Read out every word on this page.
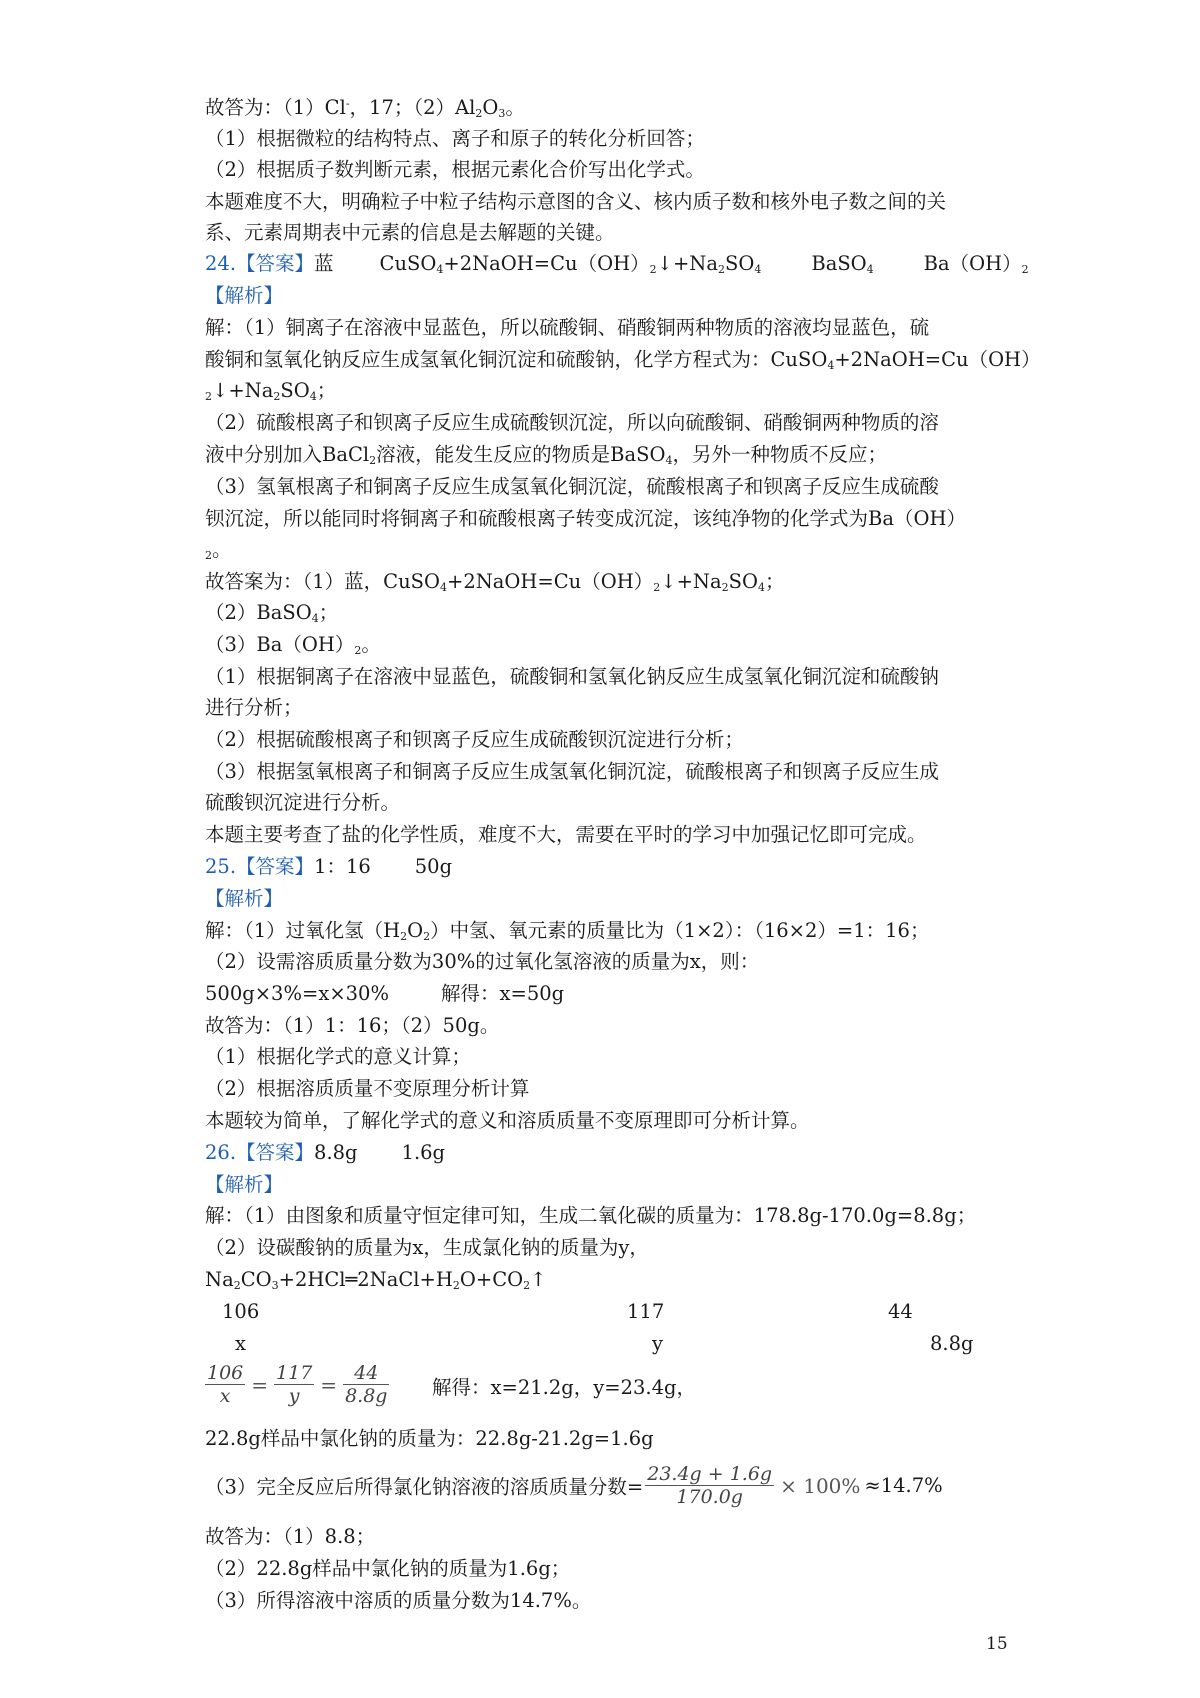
故答为：（1）Cl-，17；$(2)Al_2O_3$。
（1）根据微粒的结构特点、离子和原子的转化分析回答；
（2）根据质子数判断元素，根据元素化合价写出化学式。
本题难度不大，明确粒子中粒子结构示意图的含义、核内质子数和核外电子数之间的关
系、元素周期表中元素的信息是去解题的关键。
24.【答案】蓝 $CuSO_4+2NaOH=Cu(OH)_2↓+Na_2SO_4$	BaSO$_4$	$Ba(OH)_2$
【解析】
解：（1）铜离子在溶液中显蓝色，所以硫酸铜、硝酸铜两种物质的溶液均显蓝色，硫
酸铜和氢氧化钠反应生成氢氧化铜沉淀和硫酸钠，化学方程式为：CuSO$_4$+2NaOH=Cu（OH）
$_2↓+Na_2SO_4$；
（2）硫酸根离子和钡离子反应生成硫酸钡沉淀，所以向硫酸铜、硝酸铜两种物质的溶
液中分别加入BaCl$_2$溶液，能发生反应的物质是BaSO$_4$，另外一种物质不反应；
（3）氢氧根离子和铜离子反应生成氢氧化铜沉淀，硫酸根离子和钡离子反应生成硫酸
钡沉淀，所以能同时将铜离子和硫酸根离子转变成沉淀，该纯净物的化学式为Ba（OH）
$_2$。
故答案为：（1）蓝，$CuSO_4+2NaOH=Cu(OH)_2↓+Na_2SO_4$；
（2）BaSO$_4$；
$(3)Ba(OH)_2$。
（1）根据铜离子在溶液中显蓝色，硫酸铜和氢氧化钠反应生成氢氧化铜沉淀和硫酸钠
进行分析；
（2）根据硫酸根离子和钡离子反应生成硫酸钡沉淀进行分析；
（3）根据氢氧根离子和铜离子反应生成氢氧化铜沉淀，硫酸根离子和钡离子反应生成
硫酸钡沉淀进行分析。
本题主要考查了盐的化学性质，难度不大，需要在平时的学习中加强记忆即可完成。
25.【答案】1：16 50g
【解析】
解：（1）过氧化氢$(H_2O_2)$中氢、氧元素的质量比为（1×2）：（16×2）=1：16；
（2）设需溶质质量分数为30%的过氧化氢溶液的质量为x，则：
500g×3%=x×30%	解得：x=50g
故答为：（1）1：16；（2）50g。
（1）根据化学式的意义计算；
（2）根据溶质质量不变原理分析计算
本题较为简单，了解化学式的意义和溶质质量不变原理即可分析计算。
26.【答案】8.8g 1.6g
【解析】
解：（1）由图象和质量守恒定律可知，生成二氧化碳的质量为：178.8g-170.0g=8.8g；
（2）设碳酸钠的质量为x，生成氯化钠的质量为y，
$Na_2CO_3+2HCl═2NaCl+H_2O+CO_2↑$
106	117	44
x	y	8.8g
$\frac{106}{x} = \frac{117}{y} = \frac{44}{8.8g}$ 解得：x=21.2g，y=23.4g，
22.8g样品中氯化钠的质量为：22.8g-21.2g=1.6g
（3）完全反应后所得氯化钠溶液的溶质质量分数= $\frac{23.4g + 1.6g}{170.0g} \times 100\% \approx 14.7\%$
故答为：（1）8.8；
（2）22.8g样品中氯化钠的质量为1.6g；
（3）所得溶液中溶质的质量分数为14.7%。
15
